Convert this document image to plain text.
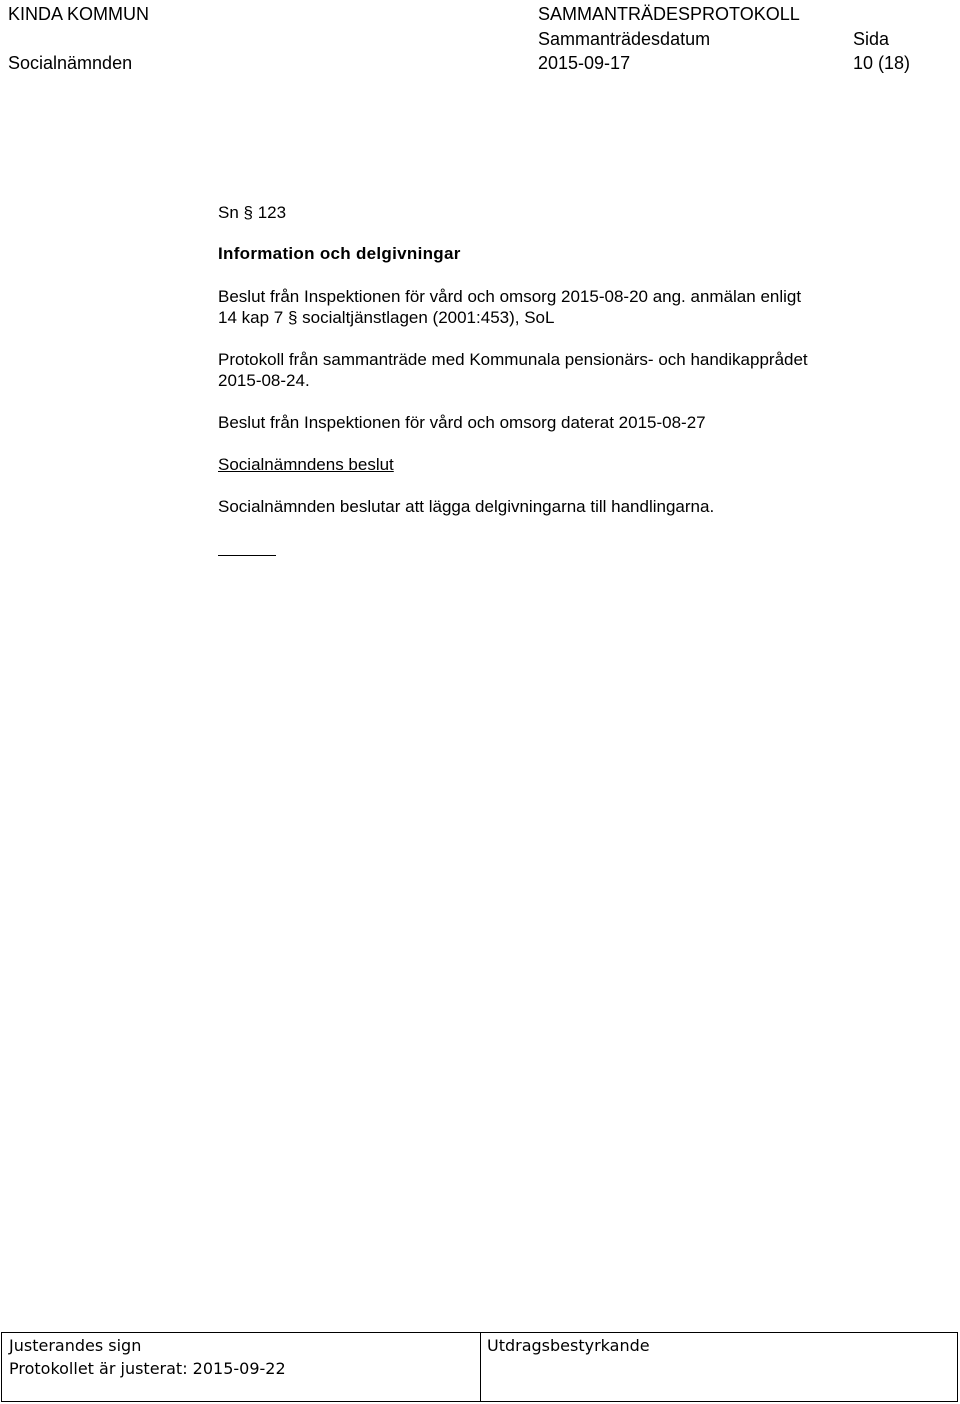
KINDA KOMMUN	SAMMANTRÄDESPROTOKOLL
Sammanträdesdatum	Sida
Socialnämnden	2015-09-17	10 (18)
Sn § 123
Information och delgivningar
Beslut från Inspektionen för vård och omsorg 2015-08-20 ang. anmälan enligt
14 kap 7 § socialtjänstlagen (2001:453), SoL
Protokoll från sammanträde med Kommunala pensionärs- och handikapprådet
2015-08-24.
Beslut från Inspektionen för vård och omsorg daterat 2015-08-27
Socialnämndens beslut
Socialnämnden beslutar att lägga delgivningarna till handlingarna.
Justerandes sign
Protokollet är justerat: 2015-09-22
Utdragsbestyrkande
